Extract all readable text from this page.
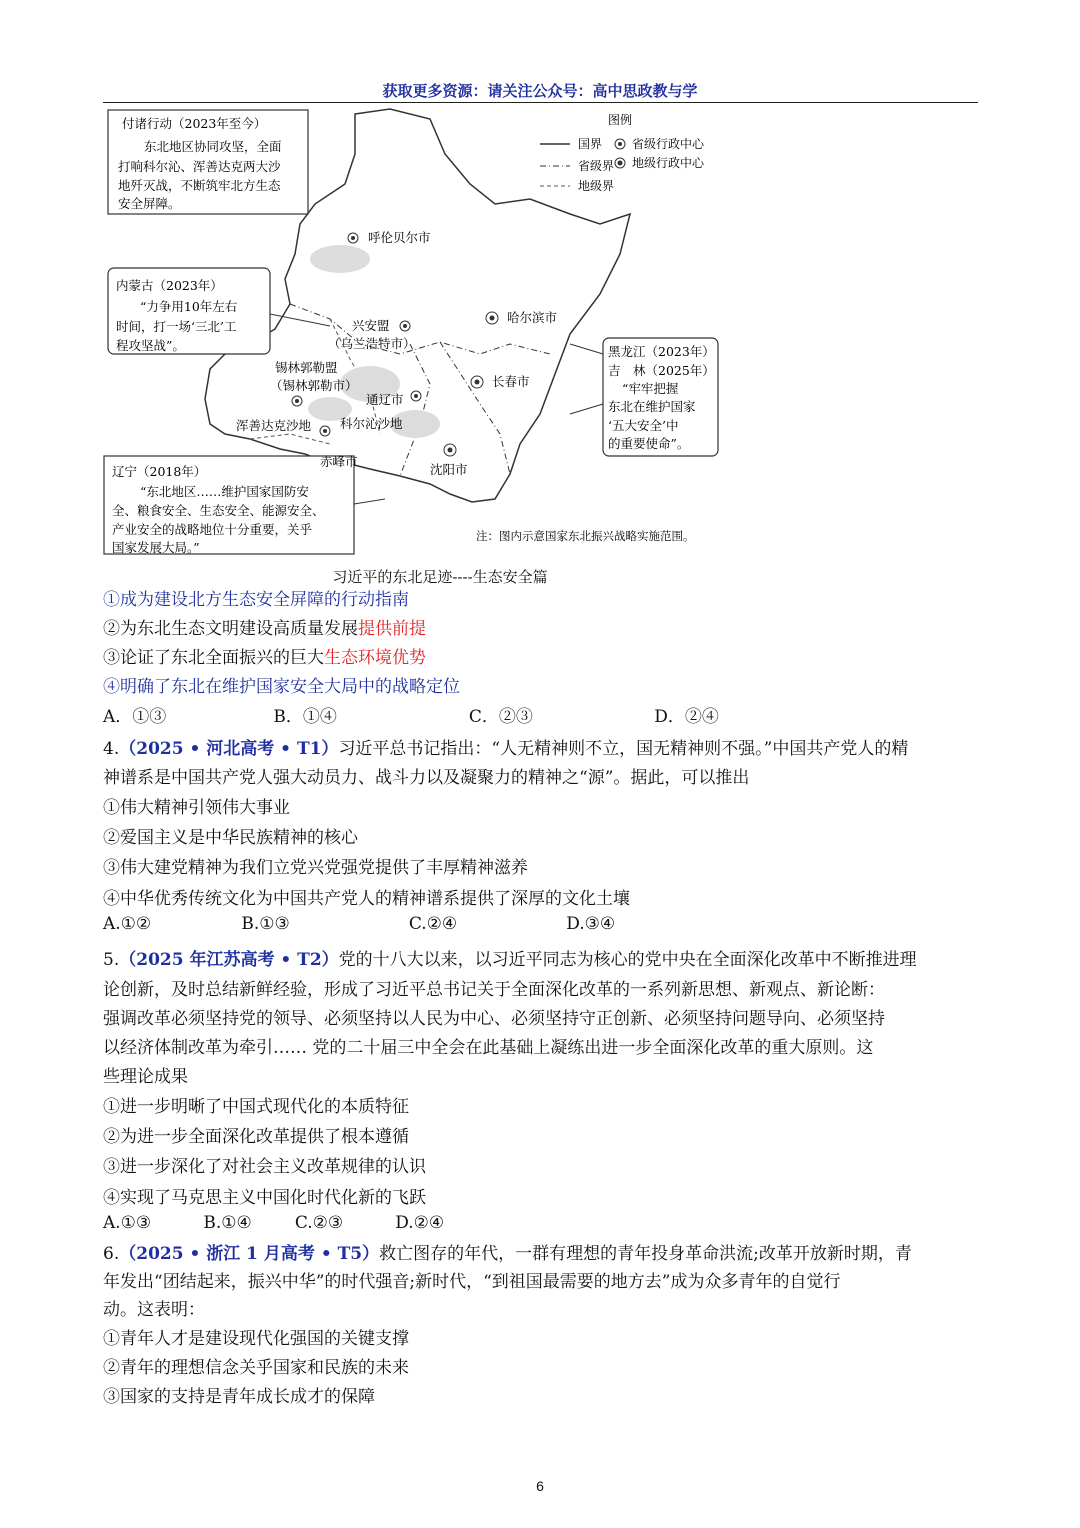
获取更多资源：请关注公众号：高中思政教与学
付诸行动（2023年至今）
东北地区协同攻坚，全面
打响科尔沁、浑善达克两大沙
地歼灭战，不断筑牢北方生态
安全屏障。
内蒙古（2023年）
“力争用10年左右
时间，打一场‘三北’工
程攻坚战”。
辽宁（2018年）
“东北地区……维护国家国防安
全、粮食安全、生态安全、能源安全、
产业安全的战略地位十分重要，关乎
国家发展大局。”
黑龙江（2023年）
吉　林（2025年）
“牢牢把握
东北在维护国家
‘五大安全’中
的重要使命”。
图例
国界 省级行政中心
省级界 地级行政中心
地级界
呼伦贝尔市
哈尔滨市
兴安盟
（乌兰浩特市）
锡林郭勒盟
（锡林郭勒市）	长春市
通辽市
浑善达克沙地 科尔沁沙地
赤峰市
沈阳市
注：图内示意国家东北振兴战略实施范围。
习近平的东北足迹----生态安全篇
①成为建设北方生态安全屏障的行动指南
②为东北生态文明建设高质量发展提供前提
③论证了东北全面振兴的巨大生态环境优势
④明确了东北在维护国家安全大局中的战略定位
A．①③	B．①④	C．②③	D．②④
4.（2025 • 河北高考 • T1）习近平总书记指出：“人无精神则不立，国无精神则不强。”中国共产党人的精
神谱系是中国共产党人强大动员力、战斗力以及凝聚力的精神之“源”。据此，可以推出
①伟大精神引领伟大事业
②爱国主义是中华民族精神的核心
③伟大建党精神为我们立党兴党强党提供了丰厚精神滋养
④中华优秀传统文化为中国共产党人的精神谱系提供了深厚的文化土壤
A.①②	B.①③	C.②④	D.③④
5.（2025 年江苏高考 • T2）党的十八大以来，以习近平同志为核心的党中央在全面深化改革中不断推进理
论创新，及时总结新鲜经验，形成了习近平总书记关于全面深化改革的一系列新思想、新观点、新论断：
强调改革必须坚持党的领导、必须坚持以人民为中心、必须坚持守正创新、必须坚持问题导向、必须坚持
以经济体制改革为牵引…… 党的二十届三中全会在此基础上凝练出进一步全面深化改革的重大原则。这
些理论成果
①进一步明晰了中国式现代化的本质特征
②为进一步全面深化改革提供了根本遵循
③进一步深化了对社会主义改革规律的认识
④实现了马克思主义中国化时代化新的飞跃
A.①③	B.①④	C.②③	D.②④
6.（2025 • 浙江 1 月高考 • T5）救亡图存的年代，一群有理想的青年投身革命洪流;改革开放新时期，青
年发出“团结起来，振兴中华”的时代强音;新时代，“到祖国最需要的地方去”成为众多青年的自觉行
动。这表明：
①青年人才是建设现代化强国的关键支撑
②青年的理想信念关乎国家和民族的未来
③国家的支持是青年成长成才的保障
6
